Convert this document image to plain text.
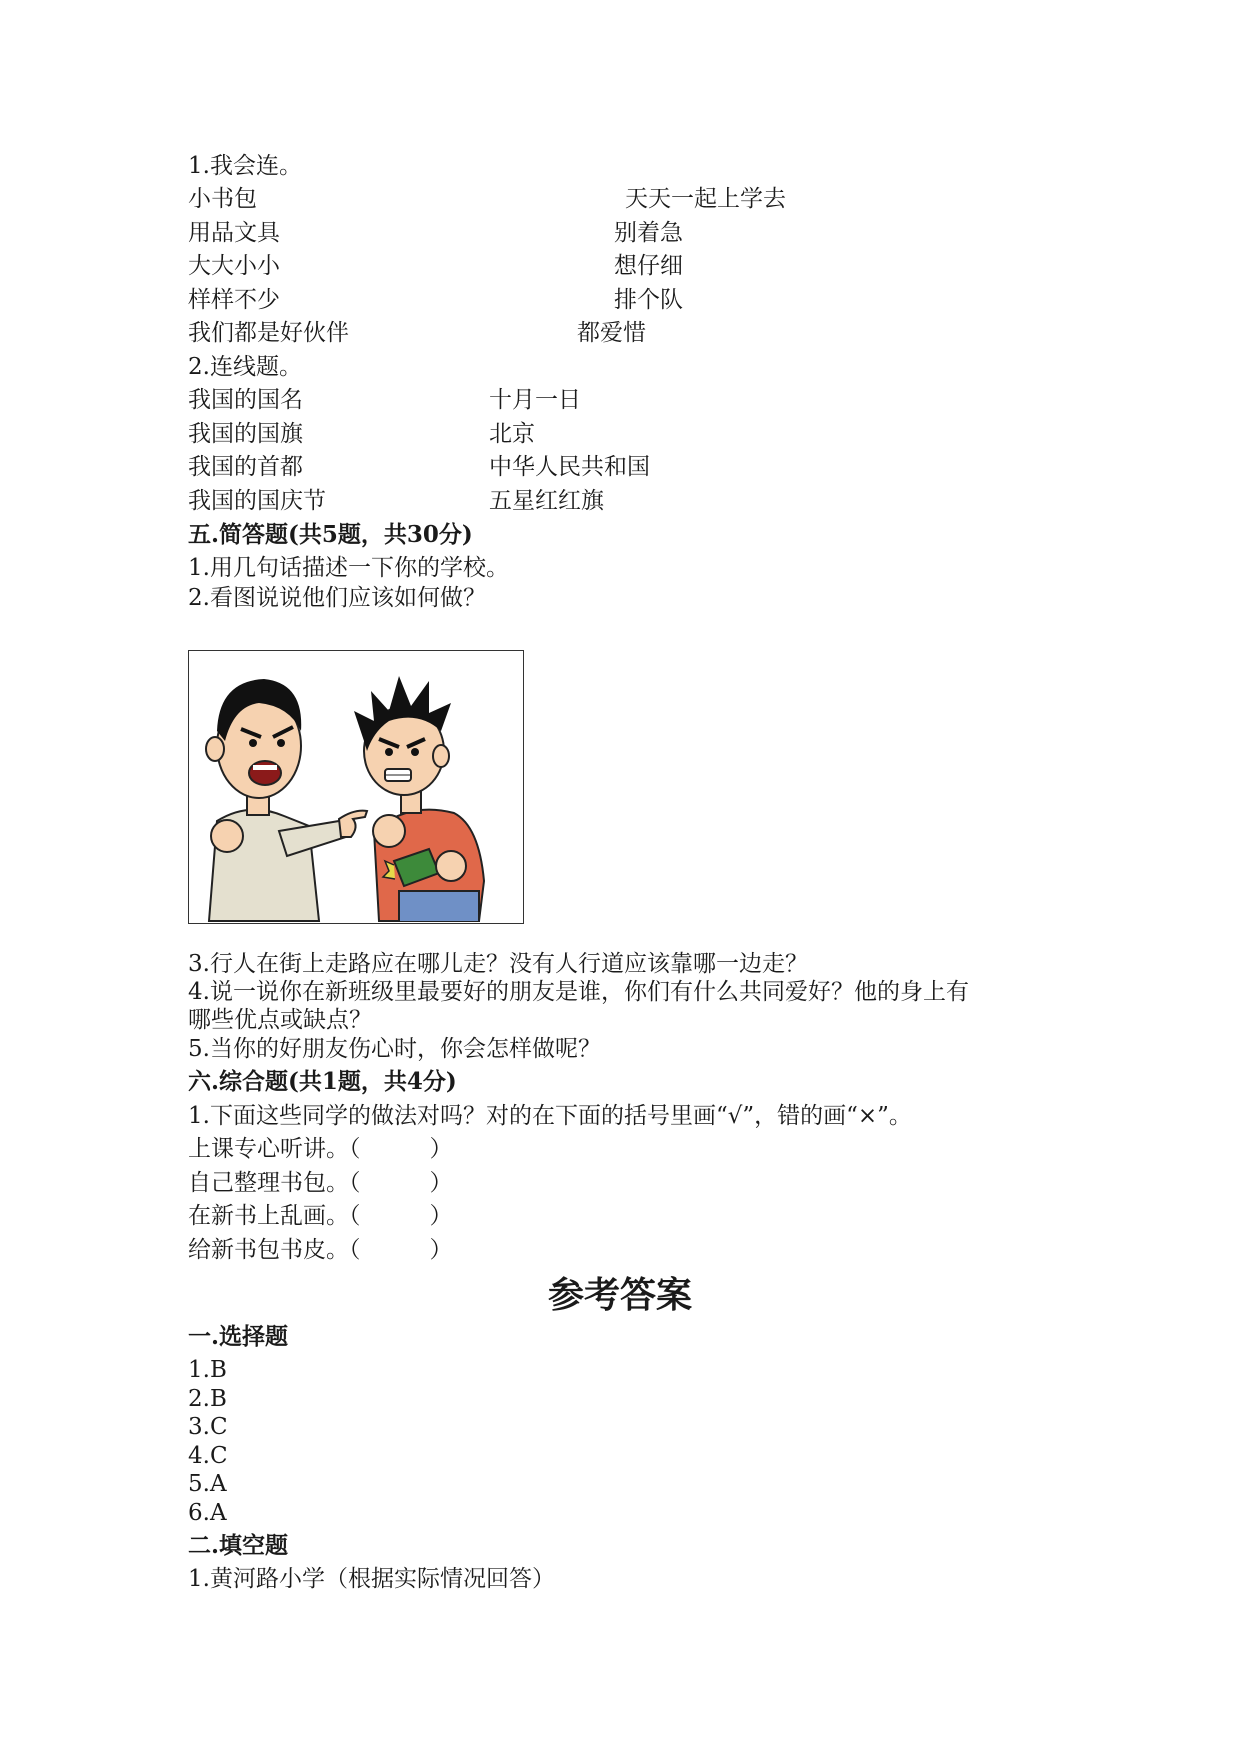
1.我会连。
小书包
用品文具
大大小小
样样不少
我们都是好伙伴
天天一起上学去
别着急
想仔细
排个队
都爱惜
2.连线题。
我国的国名
我国的国旗
我国的首都
我国的国庆节
十月一日
北京
中华人民共和国
五星红红旗
五.简答题(共5题，共30分)
1.用几句话描述一下你的学校。
2.看图说说他们应该如何做？
3.行人在街上走路应在哪儿走？没有人行道应该靠哪一边走？
4.说一说你在新班级里最要好的朋友是谁，你们有什么共同爱好？他的身上有
哪些优点或缺点？
5.当你的好朋友伤心时，你会怎样做呢？
六.综合题(共1题，共4分)
1.下面这些同学的做法对吗？对的在下面的括号里画“√”，错的画“×”。
上课专心听讲。（　　　）
自己整理书包。（　　　）
在新书上乱画。（　　　）
给新书包书皮。（　　　）
参考答案
一.选择题
1.B
2.B
3.C
4.C
5.A
6.A
二.填空题
1.黄河路小学（根据实际情况回答）
